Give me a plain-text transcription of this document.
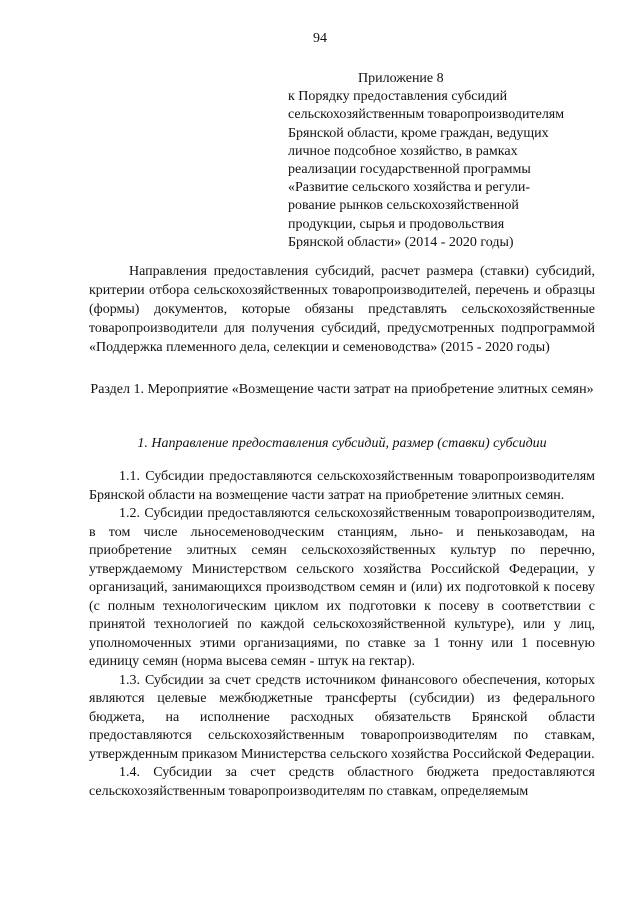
94
Приложение 8
к Порядку предоставления субсидий
сельскохозяйственным товаропроизводителям
Брянской области, кроме граждан, ведущих
личное подсобное хозяйство, в рамках
реализации государственной программы
«Развитие сельского хозяйства и регули-
рование рынков сельскохозяйственной
продукции, сырья и продовольствия
Брянской области» (2014 - 2020 годы)
Направления предоставления субсидий, расчет размера (ставки) субсидий, критерии отбора сельскохозяйственных товаропроизводителей, перечень и образцы (формы) документов, которые обязаны представлять сельскохозяйственные товаропроизводители для получения субсидий, предусмотренных подпрограммой «Поддержка племенного дела, селекции и семеноводства» (2015 - 2020 годы)
Раздел 1. Мероприятие «Возмещение части затрат на приобретение элитных семян»
1. Направление предоставления субсидий, размер (ставки) субсидии

1.1. Субсидии предоставляются сельскохозяйственным товаропроизводителям Брянской области на возмещение части затрат на приобретение элитных семян.

1.2. Субсидии предоставляются сельскохозяйственным товаропроизводителям, в том числе льносеменоводческим станциям, льно- и пенькозаводам, на приобретение элитных семян сельскохозяйственных культур по перечню, утверждаемому Министерством сельского хозяйства Российской Федерации, у организаций, занимающихся производством семян и (или) их подготовкой к посеву (с полным технологическим циклом их подготовки к посеву в соответствии с принятой технологией по каждой сельскохозяйственной культуре), или у лиц, уполномоченных этими организациями, по ставке за 1 тонну или 1 посевную единицу семян (норма высева семян - штук на гектар).

1.3. Субсидии за счет средств источником финансового обеспечения, которых являются целевые межбюджетные трансферты (субсидии) из федерального бюджета, на исполнение расходных обязательств Брянской области предоставляются сельскохозяйственным товаропроизводителям по ставкам, утвержденным приказом Министерства сельского хозяйства Российской Федерации.

1.4. Субсидии за счет средств областного бюджета предоставляются сельскохозяйственным товаропроизводителям по ставкам, определяемым
